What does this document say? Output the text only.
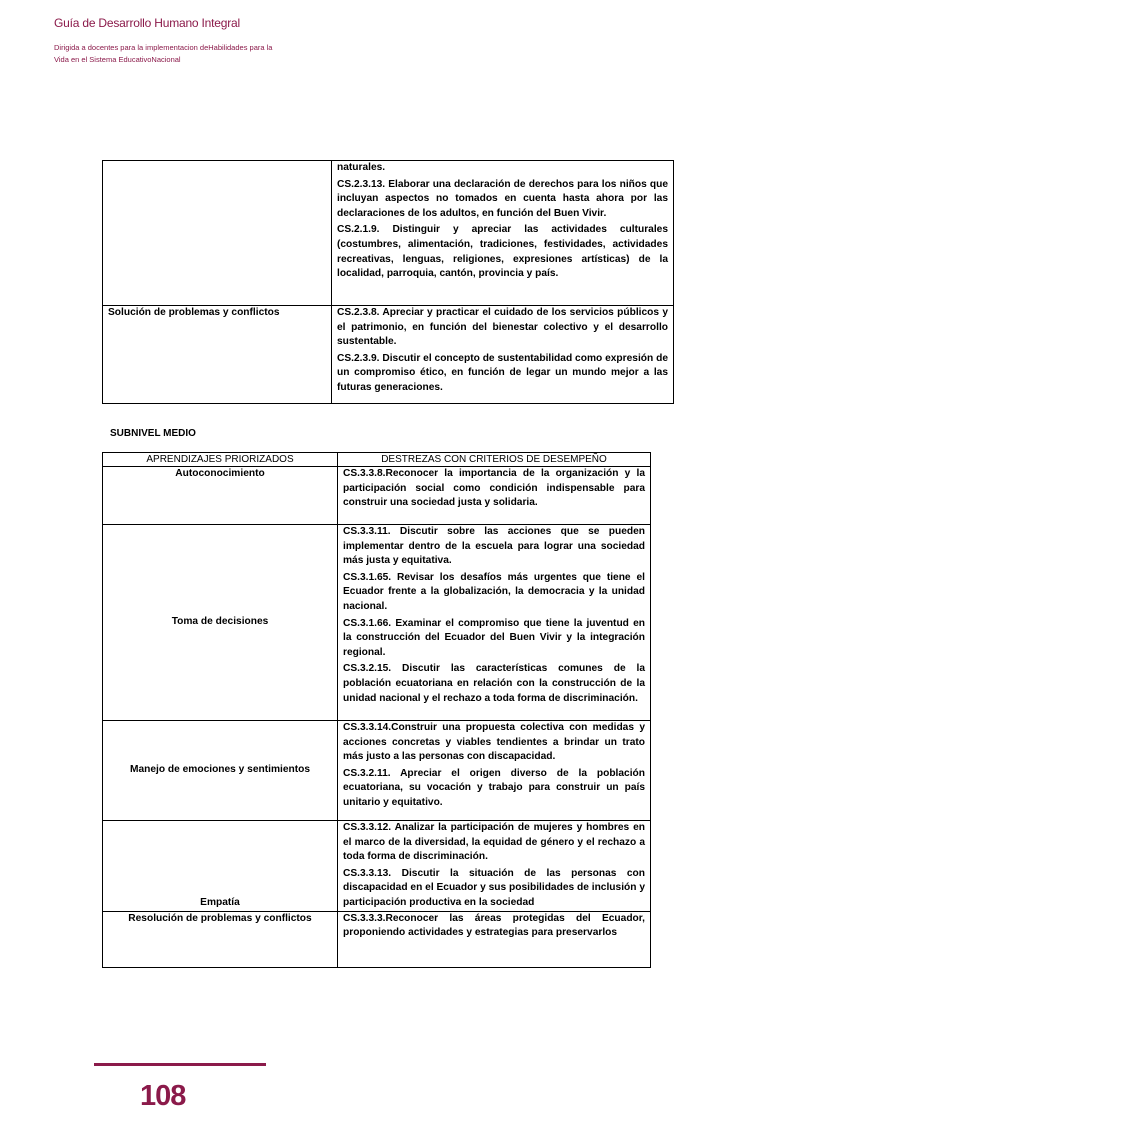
Guía de Desarrollo Humano Integral
Dirigida a docentes para la implementacion deHabilidades para la
Vida en el Sistema EducativoNacional

	naturales.

CS.2.3.13. Elaborar una declaración de derechos para los niños que incluyan aspectos no tomados en cuenta hasta ahora por las declaraciones de los adultos, en función del Buen Vivir.

CS.2.1.9. Distinguir y apreciar las actividades culturales (costumbres, alimentación, tradiciones, festividades, actividades recreativas, lenguas, religiones, expresiones artísticas) de la localidad, parroquia, cantón, provincia y país.

Solución de problemas y conflictos	CS.2.3.8. Apreciar y practicar el cuidado de los servicios públicos y el patrimonio, en función del bienestar colectivo y el desarrollo sustentable.

CS.2.3.9. Discutir el concepto de sustentabilidad como expresión de un compromiso ético, en función de legar un mundo mejor a las futuras generaciones.

SUBNIVEL MEDIO
APRENDIZAJES PRIORIZADOS	DESTREZAS CON CRITERIOS DE DESEMPEÑO
Autoconocimiento	CS.3.3.8.Reconocer la importancia de la organización y la participación social como condición indispensable para construir una sociedad justa y solidaria.

Toma de decisiones	CS.3.3.11. Discutir sobre las acciones que se pueden implementar dentro de la escuela para lograr una sociedad más justa y equitativa.

CS.3.1.65. Revisar los desafíos más urgentes que tiene el Ecuador frente a la globalización, la democracia y la unidad nacional.

CS.3.1.66. Examinar el compromiso que tiene la juventud en la construcción del Ecuador del Buen Vivir y la integración regional.

CS.3.2.15. Discutir las características comunes de la población ecuatoriana en relación con la construcción de la unidad nacional y el rechazo a toda forma de discriminación.

Manejo de emociones y sentimientos	CS.3.3.14.Construir una propuesta colectiva con medidas y acciones concretas y viables tendientes a brindar un trato más justo a las personas con discapacidad.

CS.3.2.11. Apreciar el origen diverso de la población ecuatoriana, su vocación y trabajo para construir un país unitario y equitativo.

Empatía	CS.3.3.12. Analizar la participación de mujeres y hombres en el marco de la diversidad, la equidad de género y el rechazo a toda forma de discriminación.

CS.3.3.13. Discutir la situación de las personas con discapacidad en el Ecuador y sus posibilidades de inclusión y participación productiva en la sociedad

Resolución de problemas y conflictos	CS.3.3.3.Reconocer las áreas protegidas del Ecuador, proponiendo actividades y estrategias para preservarlos

108
